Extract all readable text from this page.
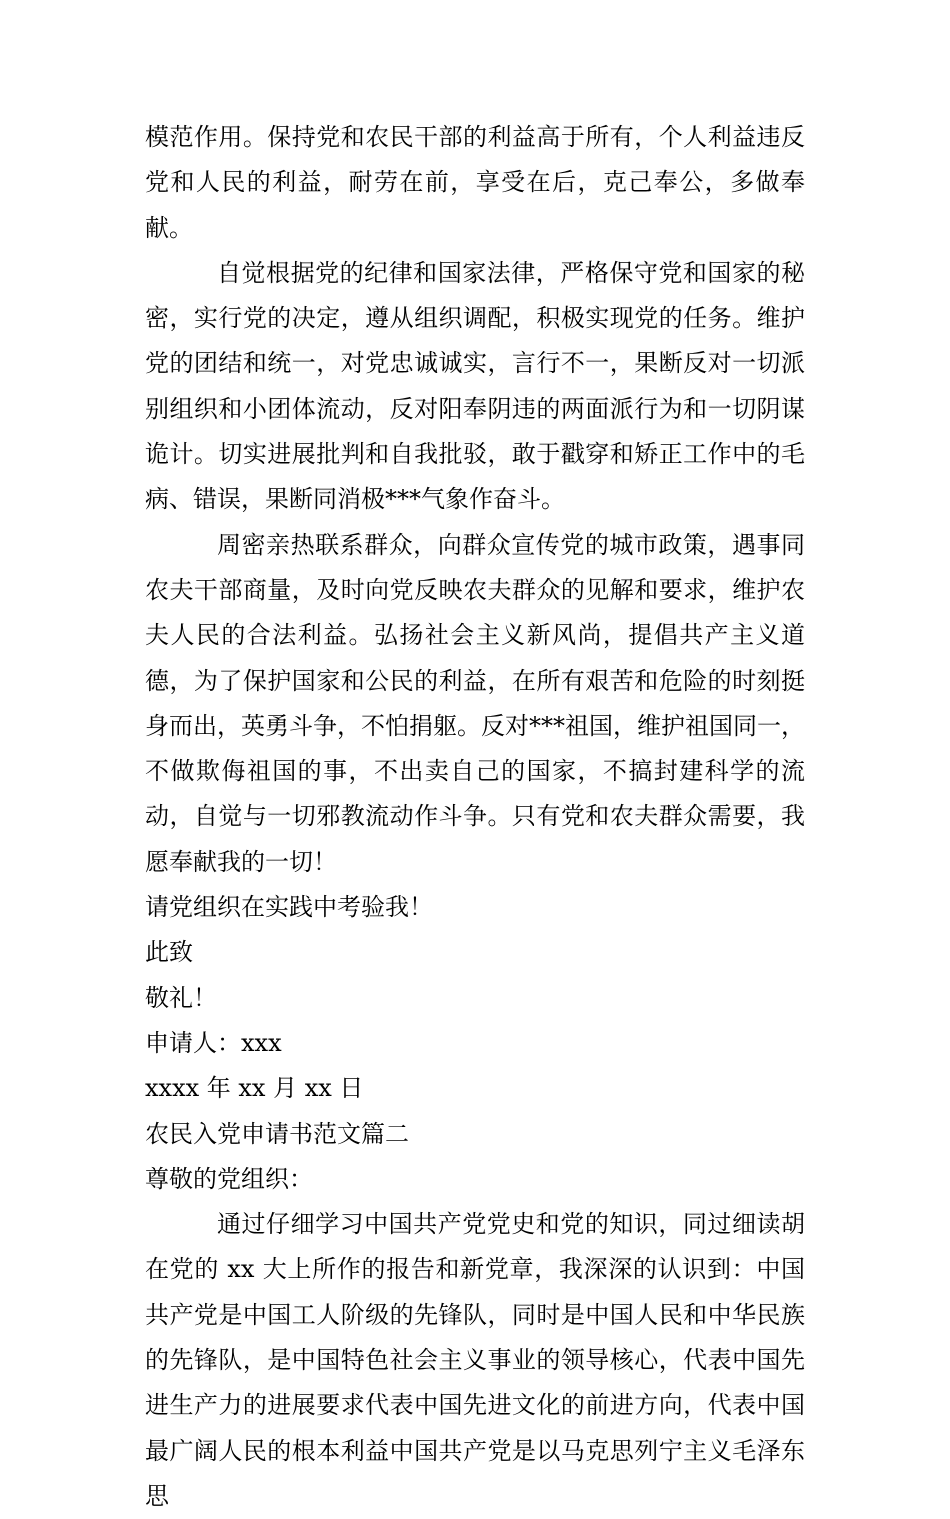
模范作用。保持党和农民干部的利益高于所有，个人利益违反党和人民的利益，耐劳在前，享受在后，克己奉公，多做奉献。

自觉根据党的纪律和国家法律，严格保守党和国家的秘密，实行党的决定，遵从组织调配，积极实现党的任务。维护党的团结和统一，对党忠诚诚实，言行不一，果断反对一切派别组织和小团体流动，反对阳奉阴违的两面派行为和一切阴谋诡计。切实进展批判和自我批驳，敢于戳穿和矫正工作中的毛病、错误，果断同消极***气象作奋斗。

周密亲热联系群众，向群众宣传党的城市政策，遇事同农夫干部商量，及时向党反映农夫群众的见解和要求，维护农夫人民的合法利益。弘扬社会主义新风尚，提倡共产主义道德，为了保护国家和公民的利益，在所有艰苦和危险的时刻挺身而出，英勇斗争，不怕捐躯。反对***祖国，维护祖国同一，不做欺侮祖国的事，不出卖自己的国家，不搞封建科学的流动，自觉与一切邪教流动作斗争。只有党和农夫群众需要，我愿奉献我的一切！

请党组织在实践中考验我！

此致

敬礼！

申请人：xxx

xxxx 年 xx 月 xx 日

农民入党申请书范文篇二

尊敬的党组织：

通过仔细学习中国共产党党史和党的知识，同过细读胡在党的 xx 大上所作的报告和新党章，我深深的认识到：中国共产党是中国工人阶级的先锋队，同时是中国人民和中华民族的先锋队，是中国特色社会主义事业的领导核心，代表中国先进生产力的进展要求代表中国先进文化的前进方向，代表中国最广阔人民的根本利益中国共产党是以马克思列宁主义毛泽东思
